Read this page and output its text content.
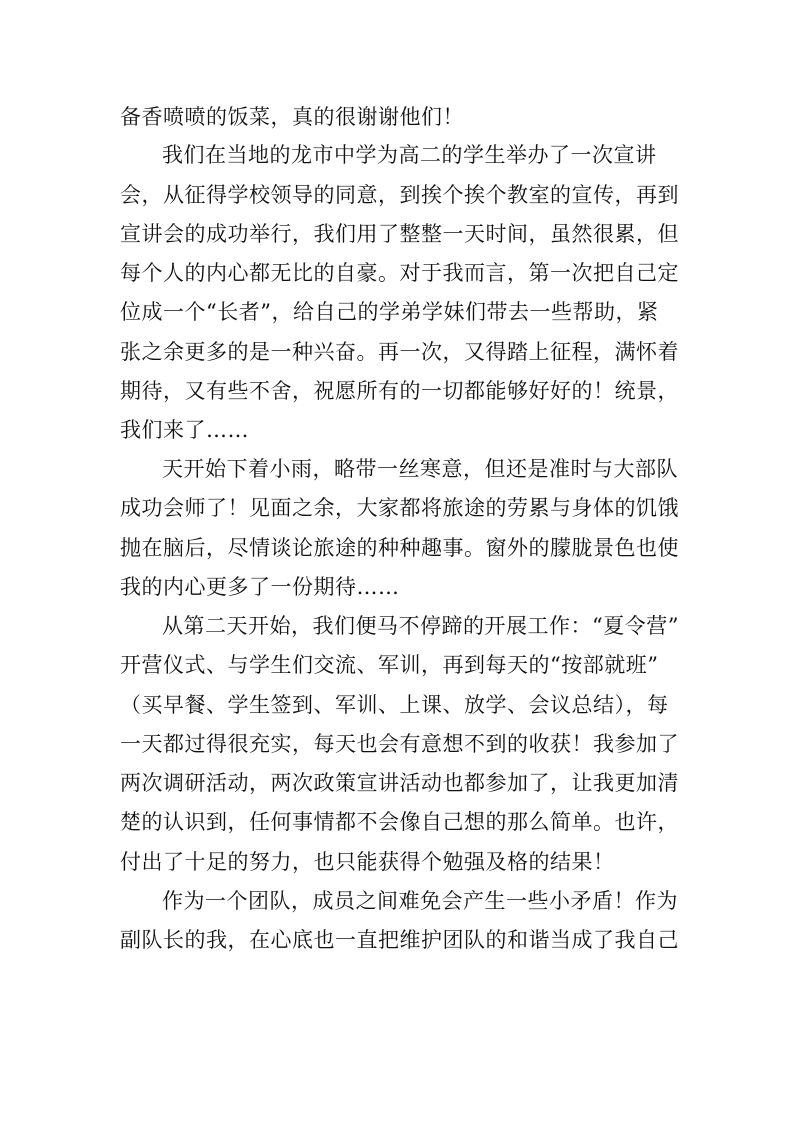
备香喷喷的饭菜，真的很谢谢他们！
我们在当地的龙市中学为高二的学生举办了一次宣讲
会，从征得学校领导的同意，到挨个挨个教室的宣传，再到
宣讲会的成功举行，我们用了整整一天时间，虽然很累，但
每个人的内心都无比的自豪。对于我而言，第一次把自己定
位成一个“长者”，给自己的学弟学妹们带去一些帮助，紧
张之余更多的是一种兴奋。再一次，又得踏上征程，满怀着
期待，又有些不舍，祝愿所有的一切都能够好好的！统景，
我们来了……
天开始下着小雨，略带一丝寒意，但还是准时与大部队
成功会师了！见面之余，大家都将旅途的劳累与身体的饥饿
抛在脑后，尽情谈论旅途的种种趣事。窗外的朦胧景色也使
我的内心更多了一份期待……
从第二天开始，我们便马不停蹄的开展工作：“夏令营”
开营仪式、与学生们交流、军训，再到每天的“按部就班”
（买早餐、学生签到、军训、上课、放学、会议总结），每
一天都过得很充实，每天也会有意想不到的收获！我参加了
两次调研活动，两次政策宣讲活动也都参加了，让我更加清
楚的认识到，任何事情都不会像自己想的那么简单。也许，
付出了十足的努力，也只能获得个勉强及格的结果！
作为一个团队，成员之间难免会产生一些小矛盾！作为
副队长的我，在心底也一直把维护团队的和谐当成了我自己
